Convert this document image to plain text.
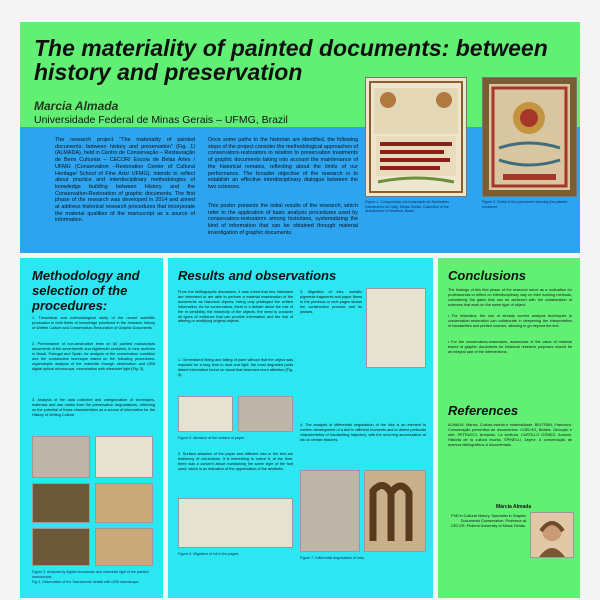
The materiality of painted documents: between history and preservation

Marcia Almada

Universidade Federal de Minas Gerais – UFMG, Brazil

The research project "The materiality of painted documents: between history and preservation" (Fig. 1) (ALMADA), held in Centro de Conservação – Restauração de Bens Culturais – CECOR/ Escola de Belas Artes / UFMG (Conservation –Restoration Center of Cultural Heritage/ School of Fine Arts/ UFMG), intends to reflect about practice and interdisciplinary methodologies of knowledge building between History and the Conservation-Restoration of graphic documents. The first phase of the research was developed in 2014 and aimed at address historical research procedures that incorporate the material qualities of the manuscript as a source of information.

Once some paths to the historian are identified, the following steps of the project consider the methodological approaches of conservators-restorators in relation to preservation treatments of graphic documents taking into account the maintenance of the historical remains, reflecting about the limits of our performance. The broader objective of the research is to establish an effective interdisciplinary dialogue between the two sciences.

This poster presents the initial results of the research, which refer to the application of basic analysis procedures used by conservators-restorators among historians, systematizing the kind of information that can be obtained through material investigation of graphic documents.

Figure 1. Compromisso da Irmandade do Santíssimo Sacramento de Daig, Minas Gerais. Collection of the Archdiocese of Mariana, Brazil.

Figure 2. Detail of the parchment showing the painted ornament.

Methodology and selection of the procedures:

1. Theoretical and methodological study of the recent scientific production in both fields of knowledge prioritized in the research history of Written Culture and Conservation-Restoration of Graphic Documents.

2. Performance of non-destructive tests on 60 painted manuscripts documents of the seventeenth and eighteenth centuries, in nine archives in Brazil, Portugal and Spain, for analysis of the conservation condition and the constructive technique based on the following procedures: organoleptic analysis of the materials through observation and USB digital optical microscope, examination with ultraviolet light (Fig. 3).

3. Analysis of the data collected and categorization of techniques, materials and use marks from the preservation degradations, reflecting on the potential of these characteristics as a source of information for the History of Writing Culture.

Figure 3. Analysis by digital microscope and ultraviolet light of the painted manuscripts.

Fig 4. Observation of the Sacramento details with USB microscope.

Results and observations

From the bibliographic discussion, it was noted that few historians are interested or are able to perform a material examination of the documents as historical objects, being only privileged the written information. As for conservators, there is a debate about the role of the re-versibility, the historicity of the objects, the need to consider all types of evidence that can provide information and the risk of altering or modifying original objects.

1. Generalized listing and failing of paint without that the object was exposed for a long time to dust and light; the most degraded parts detect information found on visual that deserved more attention (Fig. 3).

3. Migration of inks, metallic pigments fragments and paper fibers to the previous or next pages shows the construction process and its phases.

Figure 5. Abrasion of the surface of paper.

2. Surface abrasion of the paper and different inks in the text are testimony of corrections. It is interesting to notice if, at the time, there was a concern about maintaining the same style of the font used, which is an indicative of the appreciation of the aesthetic.

Figure 6. Migration of ink in the pages.

4. The analysis of differential degradation of the inks is an element to confirm development of a text in different moments and to detect particular characteristics of handwriting trajectory, with the recurring accumulation of ink on certain features.

Figure 7. Differential degradation of inks.

Conclusions

The findings of this first phase of the research serve as a motivation for professionals to reflect on interdisciplinary way on their working methods, considering the gains that can be achieved with the collaboration of sciences that work on the same type of object:

• For historians, the use of already current analysis techniques in conservation-restoration can collaborate in deepening the interpretation of handwritten and printed sources, allowing to go beyond the text.

• For the conservators-restorators, awareness of the value of material traces of graphic documents for historical research purposes should be an integral part of the interventions.

References

ALMADA, Márcia. Cultura escrita e materialidade. BELTRAN, Francisco. Conservação preventiva de documentos. COELHO, Beatriz. Devoção e arte. PETRUCCI, Armando. La scrittura. CASTILLO GÓMEZ, Antonio. Historia de la cultura escrita. SPINELLI, Jayme. A conservação de acervos bibliográficos & documentais.

Márcia Almada

PhD in Cultural History. Specialist in Graphic Documents Conservation. Professor at CECOR. Federal University of Minas Gerais.
